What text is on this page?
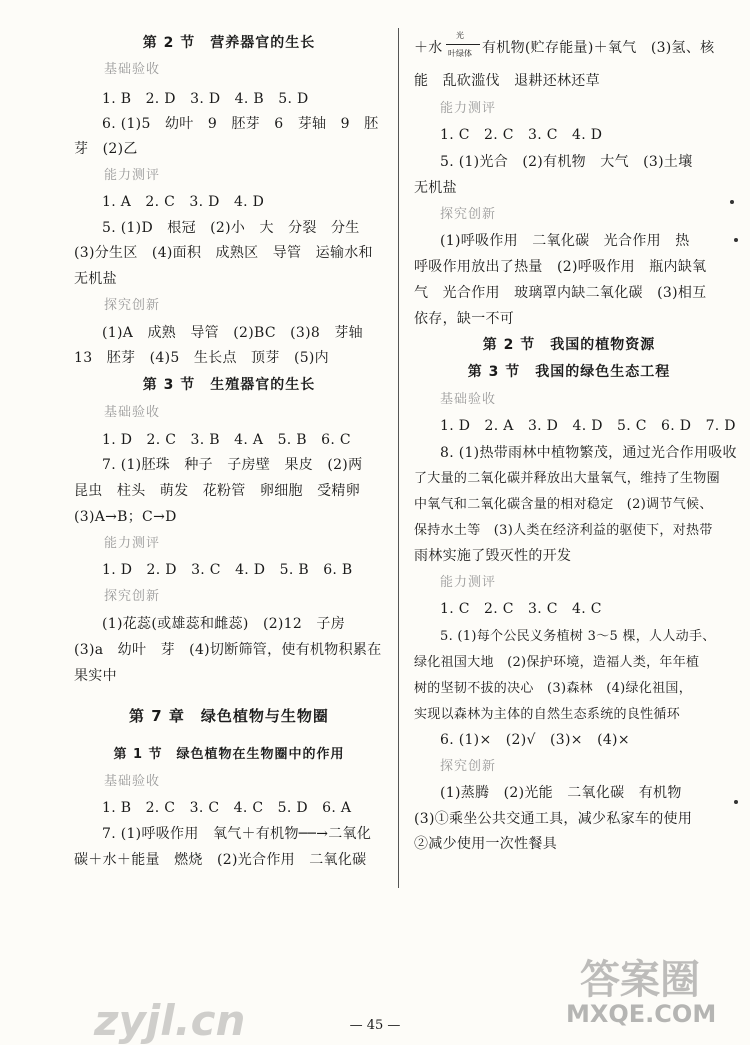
第 2 节　营养器官的生长
基础验收
1. B　2. D　3. D　4. B　5. D
6. (1)5　幼叶　9　胚芽　6　芽轴　9　胚
芽　(2)乙
能力测评
1. A　2. C　3. D　4. D
5. (1)D　根冠　(2)小　大　分裂　分生
(3)分生区　(4)面积　成熟区　导管　运输水和
无机盐
探究创新
(1)A　成熟　导管　(2)BC　(3)8　芽轴
13　胚芽　(4)5　生长点　顶芽　(5)内
第 3 节　生殖器官的生长
基础验收
1. D　2. C　3. B　4. A　5. B　6. C
7. (1)胚珠　种子　子房壁　果皮　(2)两
昆虫　柱头　萌发　花粉管　卵细胞　受精卵
(3)A→B；C→D
能力测评
1. D　2. D　3. C　4. D　5. B　6. B
探究创新
(1)花蕊(或雄蕊和雌蕊)　(2)12　子房
(3)a　幼叶　芽　(4)切断筛管，使有机物积累在
果实中
第 7 章　绿色植物与生物圈
第 1 节　绿色植物在生物圈中的作用
基础验收
1. B　2. C　3. C　4. C　5. D　6. A
7. (1)呼吸作用　氧气＋有机物──→二氧化
碳＋水＋能量　燃烧　(2)光合作用　二氧化碳
＋水
光
叶绿体 有机物(贮存能量)＋氧气　(3)氢、核
能　乱砍滥伐　退耕还林还草
能力测评
1. C　2. C　3. C　4. D
5. (1)光合　(2)有机物　大气　(3)土壤
无机盐
探究创新
(1)呼吸作用　二氧化碳　光合作用　热
呼吸作用放出了热量　(2)呼吸作用　瓶内缺氧
气　光合作用　玻璃罩内缺二氧化碳　(3)相互
依存，缺一不可
第 2 节　我国的植物资源
第 3 节　我国的绿色生态工程
基础验收
1. D　2. A　3. D　4. D　5. C　6. D　7. D
8. (1)热带雨林中植物繁茂，通过光合作用吸收
了大量的二氧化碳并释放出大量氧气，维持了生物圈
中氧气和二氧化碳含量的相对稳定　(2)调节气候、
保持水土等　(3)人类在经济利益的驱使下，对热带
雨林实施了毁灭性的开发
能力测评
1. C　2. C　3. C　4. C
5. (1)每个公民义务植树 3～5 棵，人人动手、
绿化祖国大地　(2)保护环境，造福人类，年年植
树的坚韧不拔的决心　(3)森林　(4)绿化祖国，
实现以森林为主体的自然生态系统的良性循环
6. (1)×　(2)√　(3)×　(4)×
探究创新
(1)蒸腾　(2)光能　二氧化碳　有机物
(3)①乘坐公共交通工具，减少私家车的使用
②减少使用一次性餐具
— 45 —
zyjl.cn
答案圈
MXQE.COM
